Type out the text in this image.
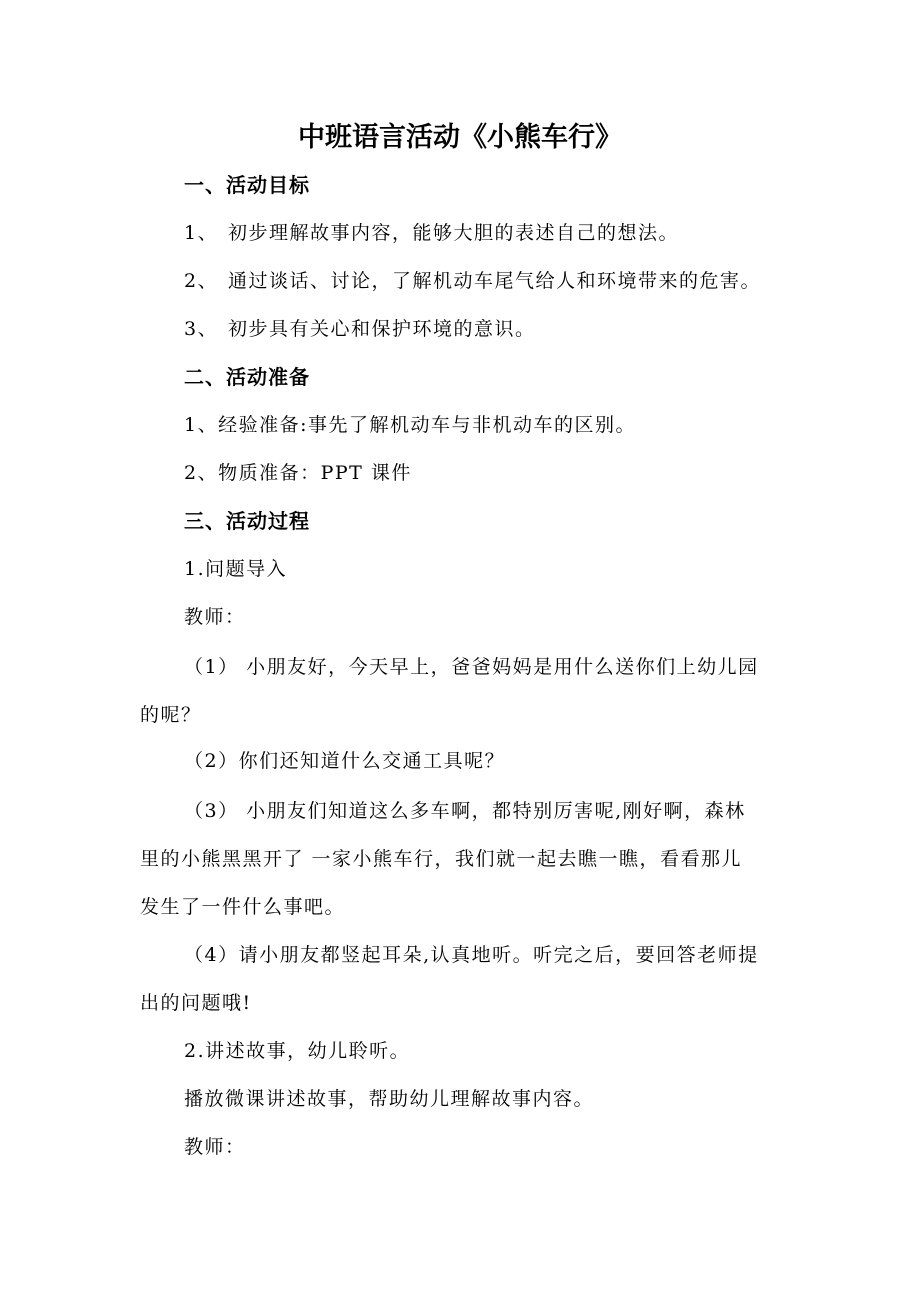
中班语言活动《小熊车行》
一、活动目标
1、 初步理解故事内容，能够大胆的表述自己的想法。
2、 通过谈话、讨论，了解机动车尾气给人和环境带来的危害。
3、 初步具有关心和保护环境的意识。
二、活动准备
1、经验准备:事先了解机动车与非机动车的区别。
2、物质准备：PPT 课件
三、活动过程
1.问题导入
教师：
（1） 小朋友好，今天早上，爸爸妈妈是用什么送你们上幼儿园
的呢？
（2）你们还知道什么交通工具呢？
（3） 小朋友们知道这么多车啊，都特别厉害呢,刚好啊，森林
里的小熊黑黑开了 一家小熊车行，我们就一起去瞧一瞧，看看那儿
发生了一件什么事吧。
（4）请小朋友都竖起耳朵,认真地听。听完之后，要回答老师提
出的问题哦!
2.讲述故事，幼儿聆听。
播放微课讲述故事，帮助幼儿理解故事内容。
教师：
